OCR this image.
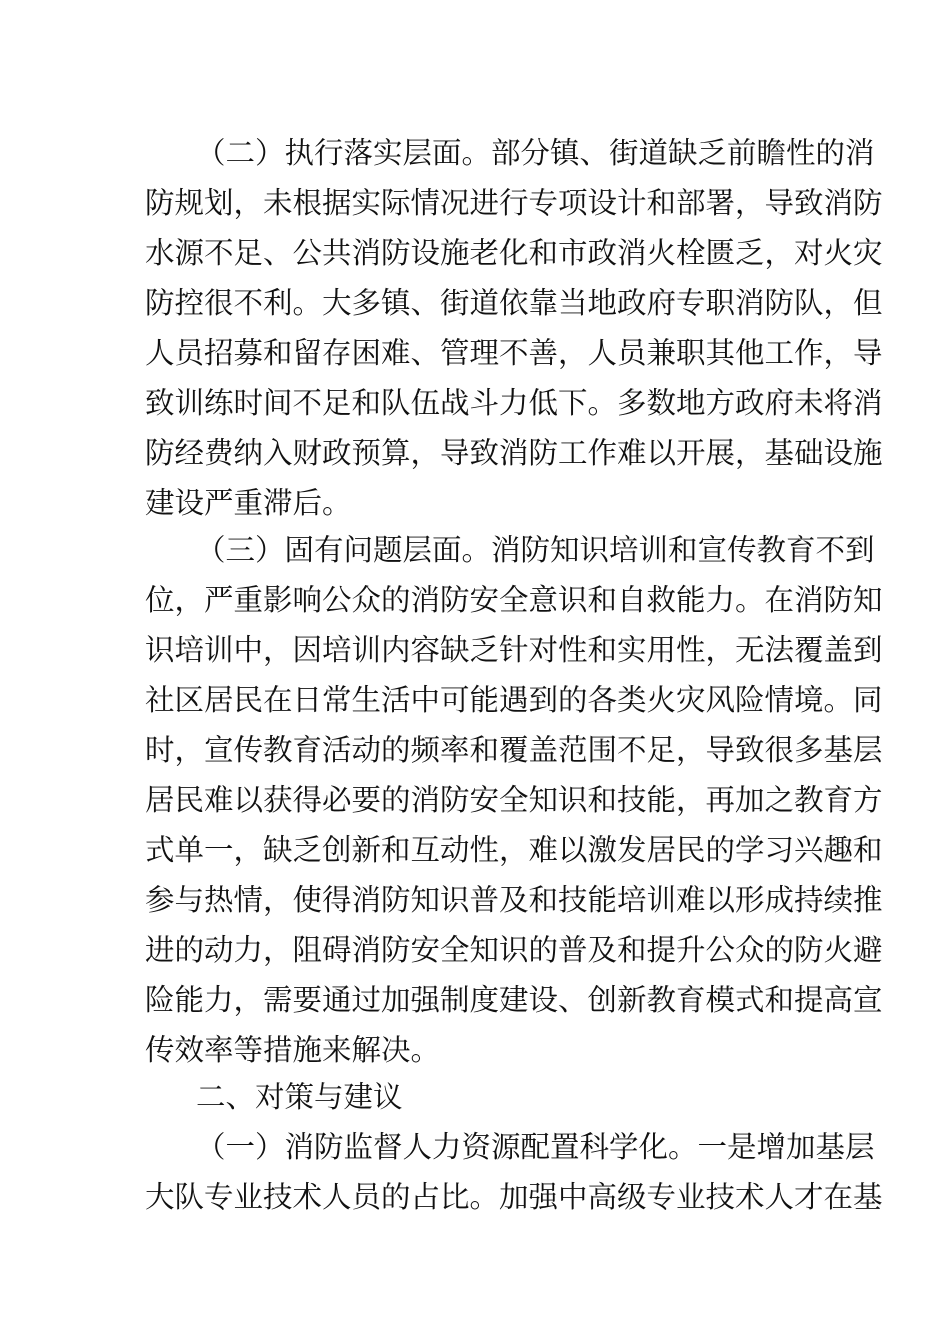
（二）执行落实层面。部分镇、街道缺乏前瞻性的消
防规划，未根据实际情况进行专项设计和部署，导致消防
水源不足、公共消防设施老化和市政消火栓匮乏，对火灾
防控很不利。大多镇、街道依靠当地政府专职消防队，但
人员招募和留存困难、管理不善，人员兼职其他工作，导
致训练时间不足和队伍战斗力低下。多数地方政府未将消
防经费纳入财政预算，导致消防工作难以开展，基础设施
建设严重滞后。
（三）固有问题层面。消防知识培训和宣传教育不到
位，严重影响公众的消防安全意识和自救能力。在消防知
识培训中，因培训内容缺乏针对性和实用性，无法覆盖到
社区居民在日常生活中可能遇到的各类火灾风险情境。同
时，宣传教育活动的频率和覆盖范围不足，导致很多基层
居民难以获得必要的消防安全知识和技能，再加之教育方
式单一，缺乏创新和互动性，难以激发居民的学习兴趣和
参与热情，使得消防知识普及和技能培训难以形成持续推
进的动力，阻碍消防安全知识的普及和提升公众的防火避
险能力，需要通过加强制度建设、创新教育模式和提高宣
传效率等措施来解决。
二、对策与建议
（一）消防监督人力资源配置科学化。一是增加基层
大队专业技术人员的占比。加强中高级专业技术人才在基
